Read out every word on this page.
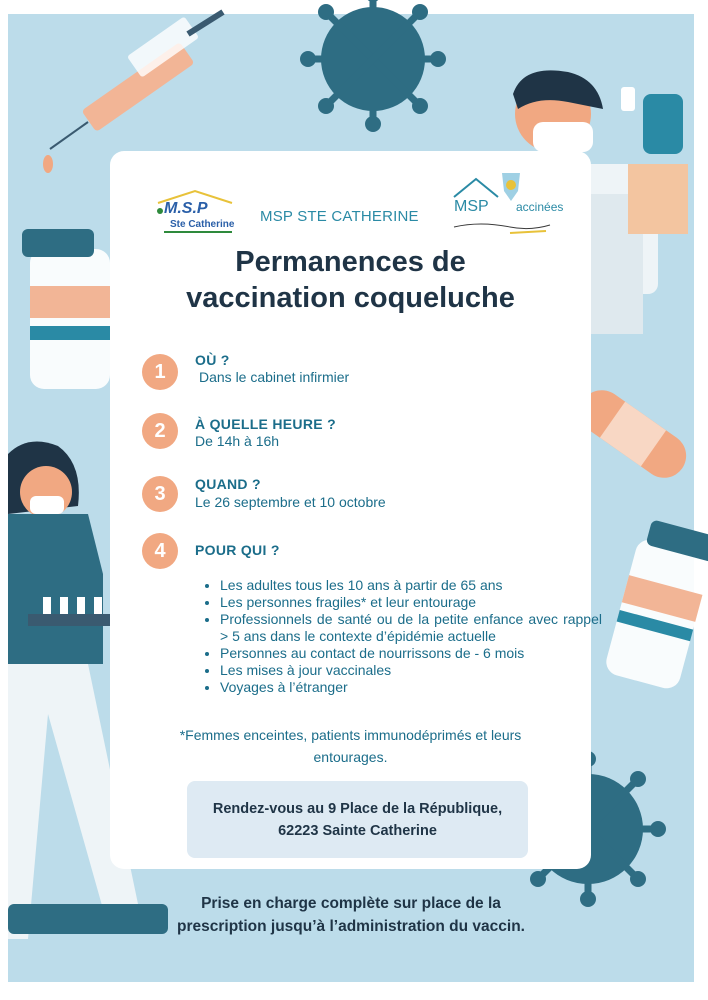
M.S.P
Ste Catherine MSP STE CATHERINE
MSP accinées
Permanences de
vaccination coqueluche
1
OÙ ?
Dans le cabinet infirmier
2	À QUELLE HEURE ?
De 14h à 16h
3	QUAND ?
Le 26 septembre et 10 octobre
4	POUR QUI ?
• Les adultes tous les 10 ans à partir de 65 ans
• Les personnes fragiles* et leur entourage
• Professionnels de santé ou de la petite enfance avec rappel > 5 ans dans le contexte d’épidémie actuelle
• Personnes au contact de nourrissons de - 6 mois
• Les mises à jour vaccinales
• Voyages à l’étranger
*Femmes enceintes, patients immunodéprimés et leurs
entourages.
Rendez-vous au 9 Place de la République,
62223 Sainte Catherine
Prise en charge complète sur place de la
prescription jusqu’à l’administration du vaccin.
